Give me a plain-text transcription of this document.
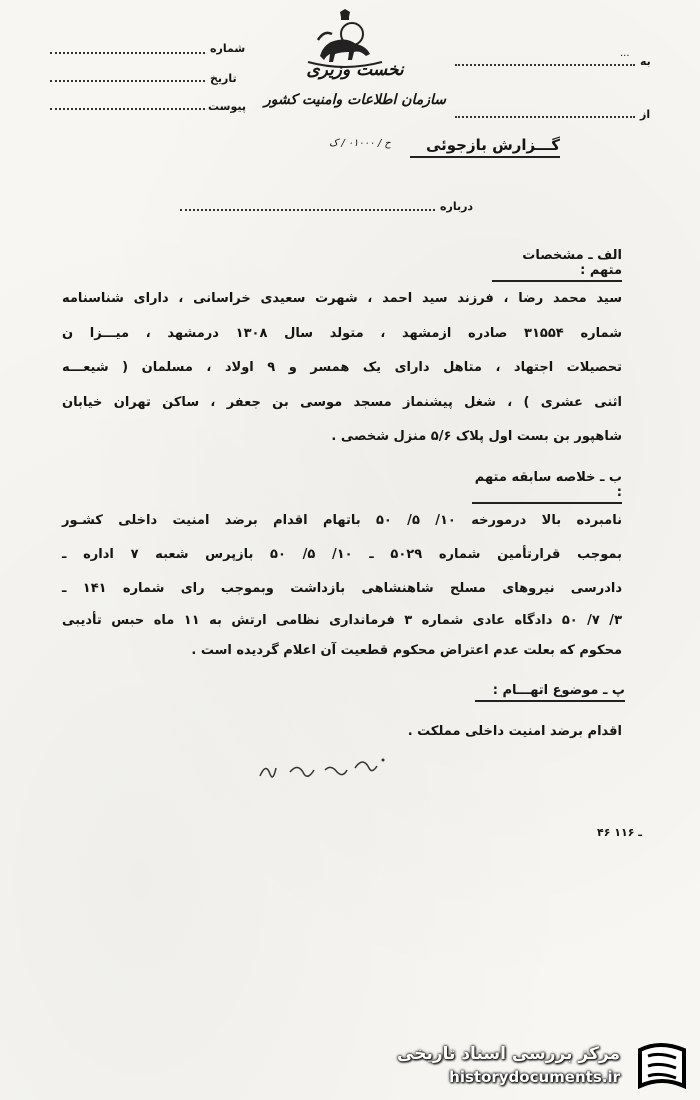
شماره
تاریخ
پیوست
به
از
نخست وزیری
سازمان اطلاعات وامنیت کشور
ح / ۰۱۰۰۰ / ک
...
گـــزارش بازجوئی
درباره
الف ـ مشخصات متهم :
سید محمد رضا ، فرزند سید احمد ، شهرت سعیدی خراسانی ، دارای شناسنامه
شماره ۳۱۵۵۴ صادره ازمشهد ، متولد سال ۱۳۰۸ درمشهد ، میـــزا ن
تحصیلات اجتهاد ، متاهل دارای یک همسر و ۹ اولاد ، مسلمان ( شیعـــه
اثنی عشری ) ، شغل پیشنماز مسجد موسی بن جعفر ، ساکن تهران خیابان
شاهپور بن بست اول پلاک ۵/۶ منزل شخصی .
ب ـ خلاصه سابقه متهم :
نامبرده بالا درمورخه ۱۰/ ۵/ ۵۰ باتهام اقدام برضد امنیت داخلی کشـور
بموجب قرارتأمین شماره ۵۰۲۹ ـ ۱۰/ ۵/ ۵۰ بازپرس شعبه ۷ اداره ـ
دادرسی نیروهای مسلح شاهنشاهی بازداشت وبموجب رای شماره ۱۴۱ ـ
۳/ ۷/ ۵۰ دادگاه عادی شماره ۳ فرمانداری نظامی ارتش به ۱۱ ماه حبس تأدیبی
محکوم که بعلت عدم اعتراض محکوم قطعیت آن اعلام گردیده است .
پ ـ موضوع اتهـــام :
اقدام برضد امنیت داخلی مملکت .
۴۶ ـ ۱۱۶
مرکز بررسی اسناد تاریخی
historydocuments.ir
